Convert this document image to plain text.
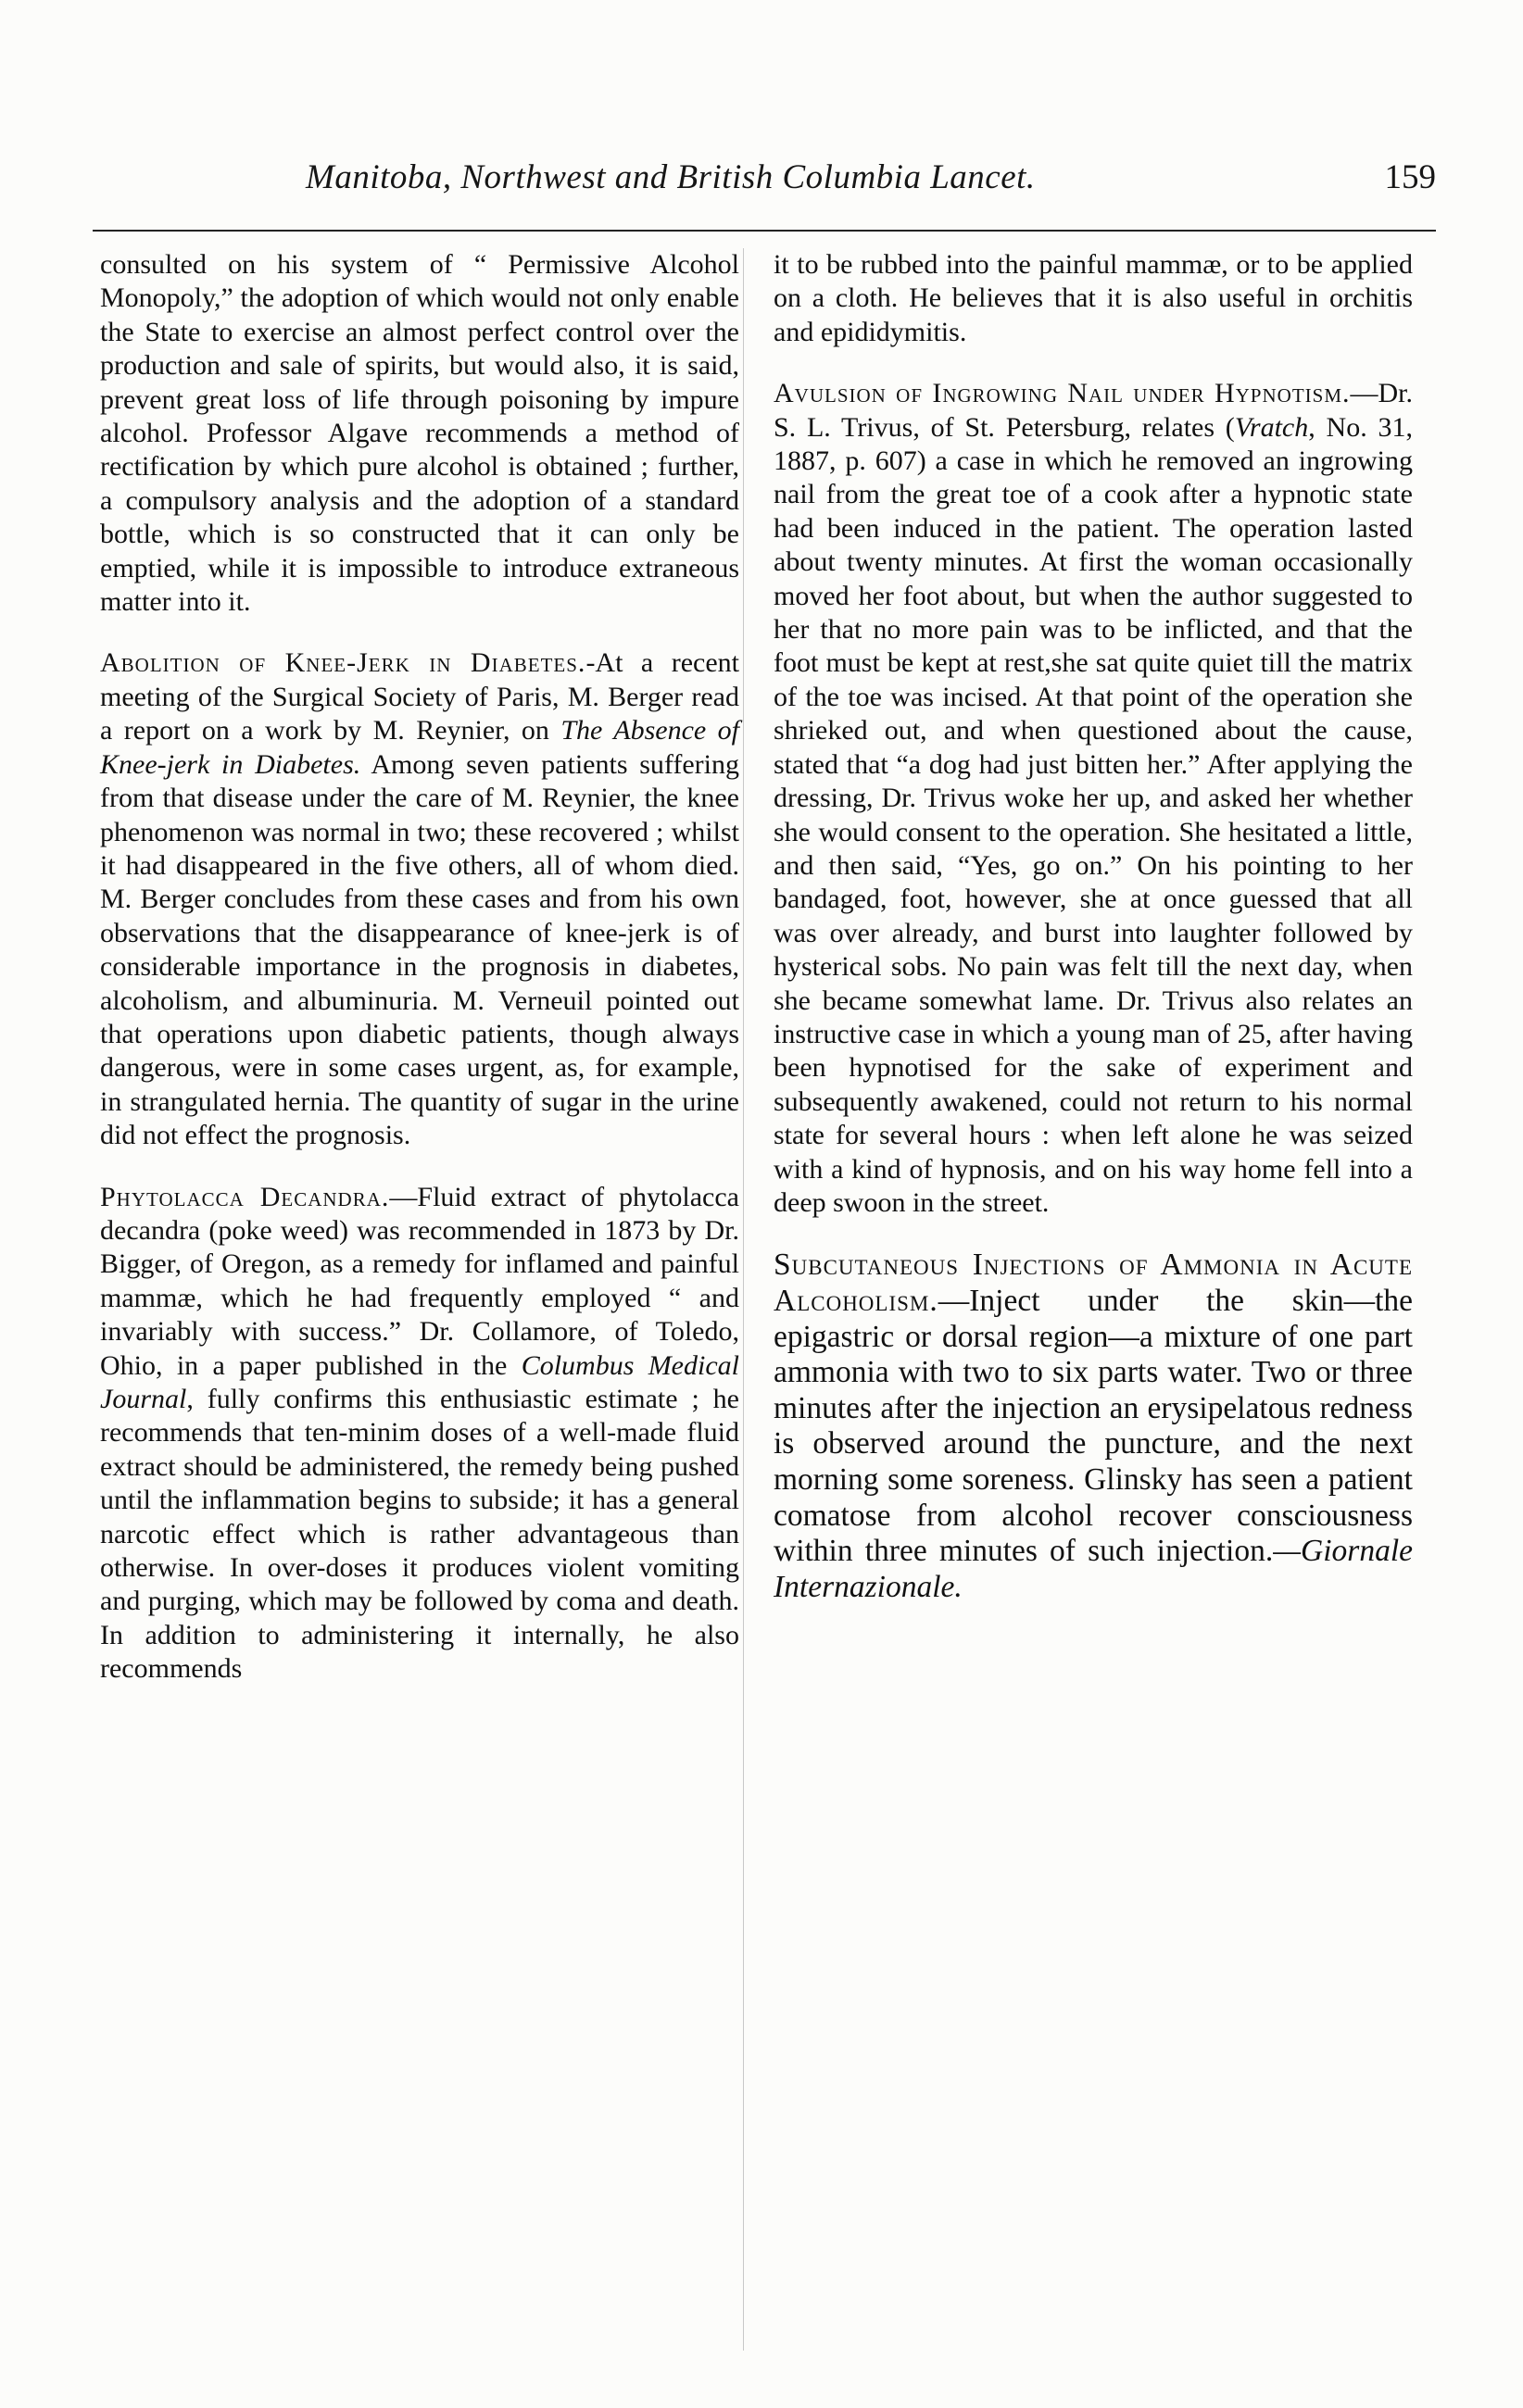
Manitoba, Northwest and British Columbia Lancet.	159

consulted on his system of “ Permissive Alcohol Monopoly,” the adoption of which would not only enable the State to exercise an almost perfect control over the production and sale of spirits, but would also, it is said, prevent great loss of life through poisoning by impure alcohol. Professor Algave recommends a method of rectification by which pure alcohol is obtained ; further, a compulsory analysis and the adoption of a standard bottle, which is so constructed that it can only be emptied, while it is impossible to introduce extraneous matter into it.

Abolition of Knee-Jerk in Diabetes.-At a recent meeting of the Surgical Society of Paris, M. Berger read a report on a work by M. Reynier, on The Absence of Knee-jerk in Diabetes. Among seven patients suffering from that disease under the care of M. Reynier, the knee phenomenon was normal in two; these recovered ; whilst it had disappeared in the five others, all of whom died. M. Berger concludes from these cases and from his own observations that the disappearance of knee-jerk is of considerable importance in the prognosis in diabetes, alcoholism, and albuminuria. M. Verneuil pointed out that operations upon diabetic patients, though always dangerous, were in some cases urgent, as, for example, in strangulated hernia. The quantity of sugar in the urine did not effect the prognosis.

Phytolacca Decandra.—Fluid extract of phytolacca decandra (poke weed) was recommended in 1873 by Dr. Bigger, of Oregon, as a remedy for inflamed and painful mammæ, which he had frequently employed “ and invariably with success.” Dr. Collamore, of Toledo, Ohio, in a paper published in the Columbus Medical Journal, fully confirms this enthusiastic estimate ; he recommends that ten-minim doses of a well-made fluid extract should be administered, the remedy being pushed until the inflammation begins to subside; it has a general narcotic effect which is rather advantageous than otherwise. In over-doses it produces violent vomiting and purging, which may be followed by coma and death. In addition to administering it internally, he also recommends

it to be rubbed into the painful mammæ, or to be applied on a cloth. He believes that it is also useful in orchitis and epididymitis.

Avulsion of Ingrowing Nail under Hypnotism.—Dr. S. L. Trivus, of St. Petersburg, relates (Vratch, No. 31, 1887, p. 607) a case in which he removed an ingrowing nail from the great toe of a cook after a hypnotic state had been induced in the patient. The operation lasted about twenty minutes. At first the woman occasionally moved her foot about, but when the author suggested to her that no more pain was to be inflicted, and that the foot must be kept at rest,she sat quite quiet till the matrix of the toe was incised. At that point of the operation she shrieked out, and when questioned about the cause, stated that “a dog had just bitten her.” After applying the dressing, Dr. Trivus woke her up, and asked her whether she would consent to the operation. She hesitated a little, and then said, “Yes, go on.” On his pointing to her bandaged, foot, however, she at once guessed that all was over already, and burst into laughter followed by hysterical sobs. No pain was felt till the next day, when she became somewhat lame. Dr. Trivus also relates an instructive case in which a young man of 25, after having been hypnotised for the sake of experiment and subsequently awakened, could not return to his normal state for several hours : when left alone he was seized with a kind of hypnosis, and on his way home fell into a deep swoon in the street.

Subcutaneous Injections of Ammonia in Acute Alcoholism.—Inject under the skin—the epigastric or dorsal region—a mixture of one part ammonia with two to six parts water. Two or three minutes after the injection an erysipelatous redness is observed around the puncture, and the next morning some soreness. Glinsky has seen a patient comatose from alcohol recover consciousness within three minutes of such injection.—Giornale Internazionale.
